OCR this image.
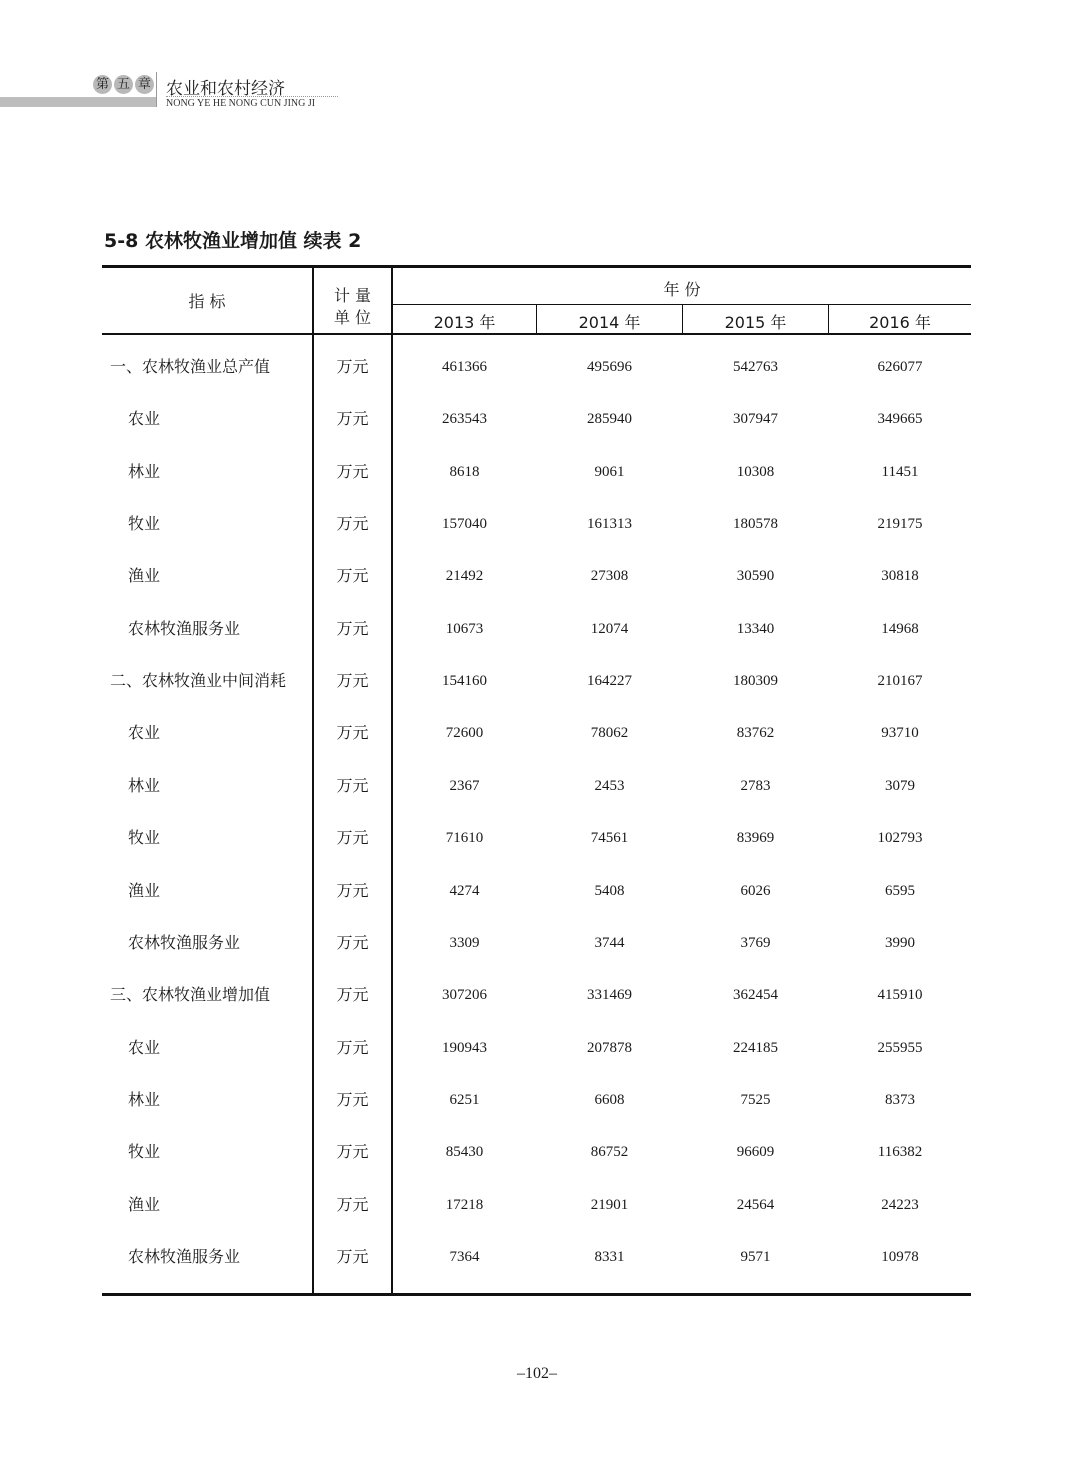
第 五 章 农业和农村经济
NONG YE HE NONG CUN JING JI
5-8 农林牧渔业增加值 续表 2
指 标	计 量
单 位
年 份
2013 年	2014 年	2015 年	2016 年
一、农林牧渔业总产值	万元	461366	495696	542763	626077
农业	万元	263543	285940	307947	349665
林业	万元	8618	9061	10308	11451
牧业	万元	157040	161313	180578	219175
渔业	万元	21492	27308	30590	30818
农林牧渔服务业	万元	10673	12074	13340	14968
二、农林牧渔业中间消耗	万元	154160	164227	180309	210167
农业	万元	72600	78062	83762	93710
林业	万元	2367	2453	2783	3079
牧业	万元	71610	74561	83969	102793
渔业	万元	4274	5408	6026	6595
农林牧渔服务业	万元	3309	3744	3769	3990
三、农林牧渔业增加值	万元	307206	331469	362454	415910
农业	万元	190943	207878	224185	255955
林业	万元	6251	6608	7525	8373
牧业	万元	85430	86752	96609	116382
渔业	万元	17218	21901	24564	24223
农林牧渔服务业	万元	7364	8331	9571	10978
–102–
